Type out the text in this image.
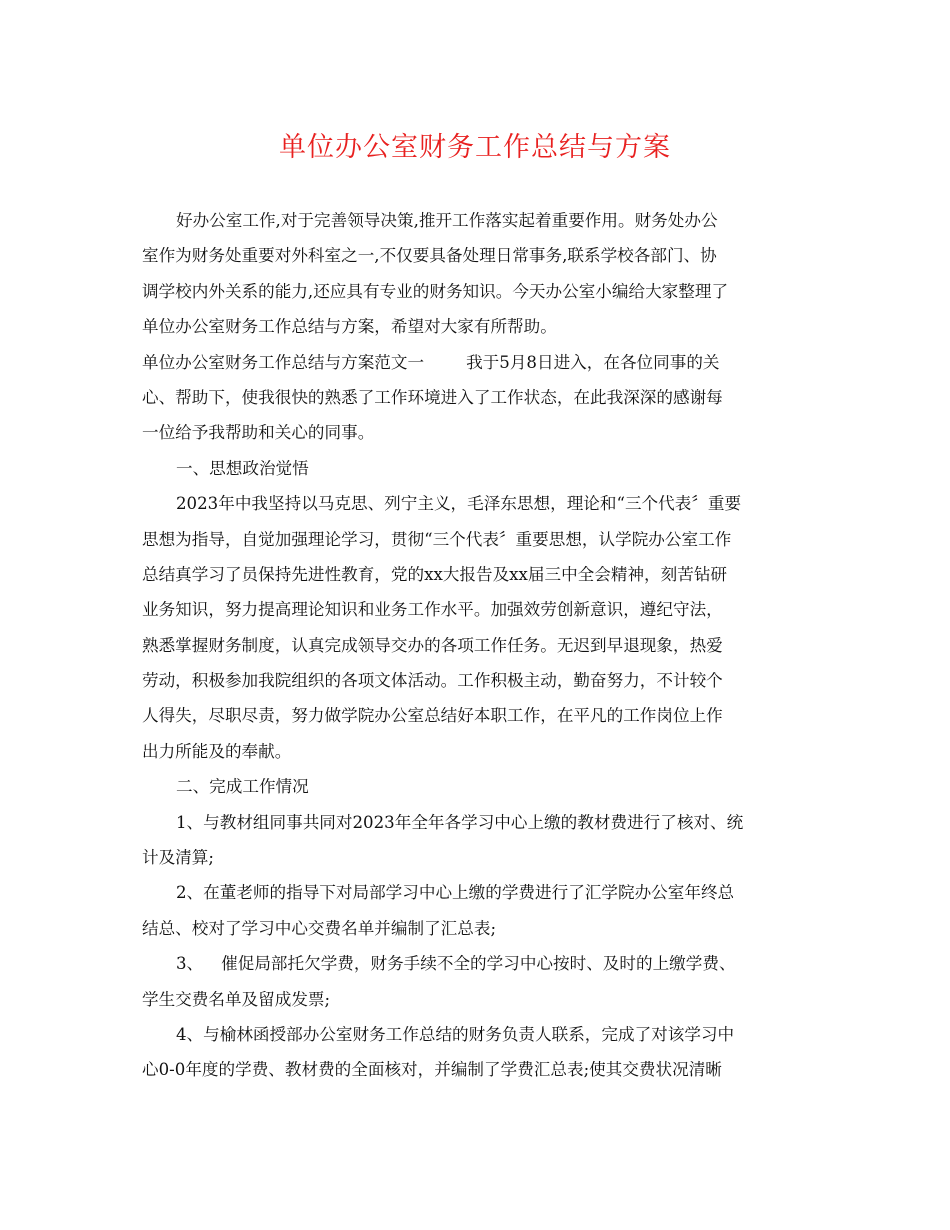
单位办公室财务工作总结与方案
好办公室工作,对于完善领导决策,推开工作落实起着重要作用。财务处办公
室作为财务处重要对外科室之一,不仅要具备处理日常事务,联系学校各部门、协
调学校内外关系的能力,还应具有专业的财务知识。今天办公室小编给大家整理了
单位办公室财务工作总结与方案，希望对大家有所帮助。
单位办公室财务工作总结与方案范文一	我于5月8日进入，在各位同事的关
心、帮助下，使我很快的熟悉了工作环境进入了工作状态，在此我深深的感谢每
一位给予我帮助和关心的同事。
一、思想政治觉悟
2023年中我坚持以马克思、列宁主义，毛泽东思想，理论和“三个代表〞重要
思想为指导，自觉加强理论学习，贯彻“三个代表〞重要思想，认学院办公室工作
总结真学习了员保持先进性教育，党的xx大报告及xx届三中全会精神，刻苦钻研
业务知识，努力提高理论知识和业务工作水平。加强效劳创新意识，遵纪守法，
熟悉掌握财务制度，认真完成领导交办的各项工作任务。无迟到早退现象，热爱
劳动，积极参加我院组织的各项文体活动。工作积极主动，勤奋努力，不计较个
人得失，尽职尽责，努力做学院办公室总结好本职工作，在平凡的工作岗位上作
出力所能及的奉献。
二、完成工作情况
1、与教材组同事共同对2023年全年各学习中心上缴的教材费进行了核对、统
计及清算;
2、在董老师的指导下对局部学习中心上缴的学费进行了汇学院办公室年终总
结总、校对了学习中心交费名单并编制了汇总表;
3、 催促局部托欠学费，财务手续不全的学习中心按时、及时的上缴学费、
学生交费名单及留成发票;
4、与榆林函授部办公室财务工作总结的财务负责人联系，完成了对该学习中
心0-0年度的学费、教材费的全面核对，并编制了学费汇总表;使其交费状况清晰
